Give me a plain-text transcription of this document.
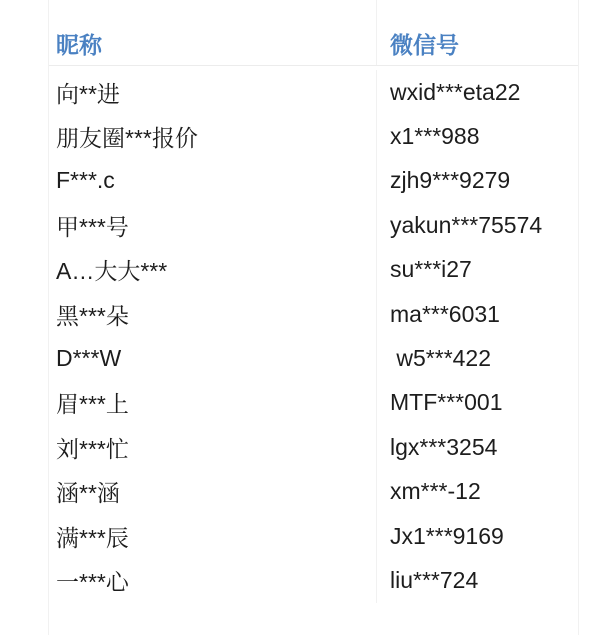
昵称	微信号
向**进	wxid***eta22
朋友圈***报价	x1***988
F***.c	zjh9***9279
甲***号	yakun***75574
A…大大***	su***i27
黑***朵	ma***6031
D***W	w5***422
眉***上	MTF***001
刘***忙	lgx***3254
涵**涵	xm***-12
满***辰	Jx1***9169
一***心	liu***724
